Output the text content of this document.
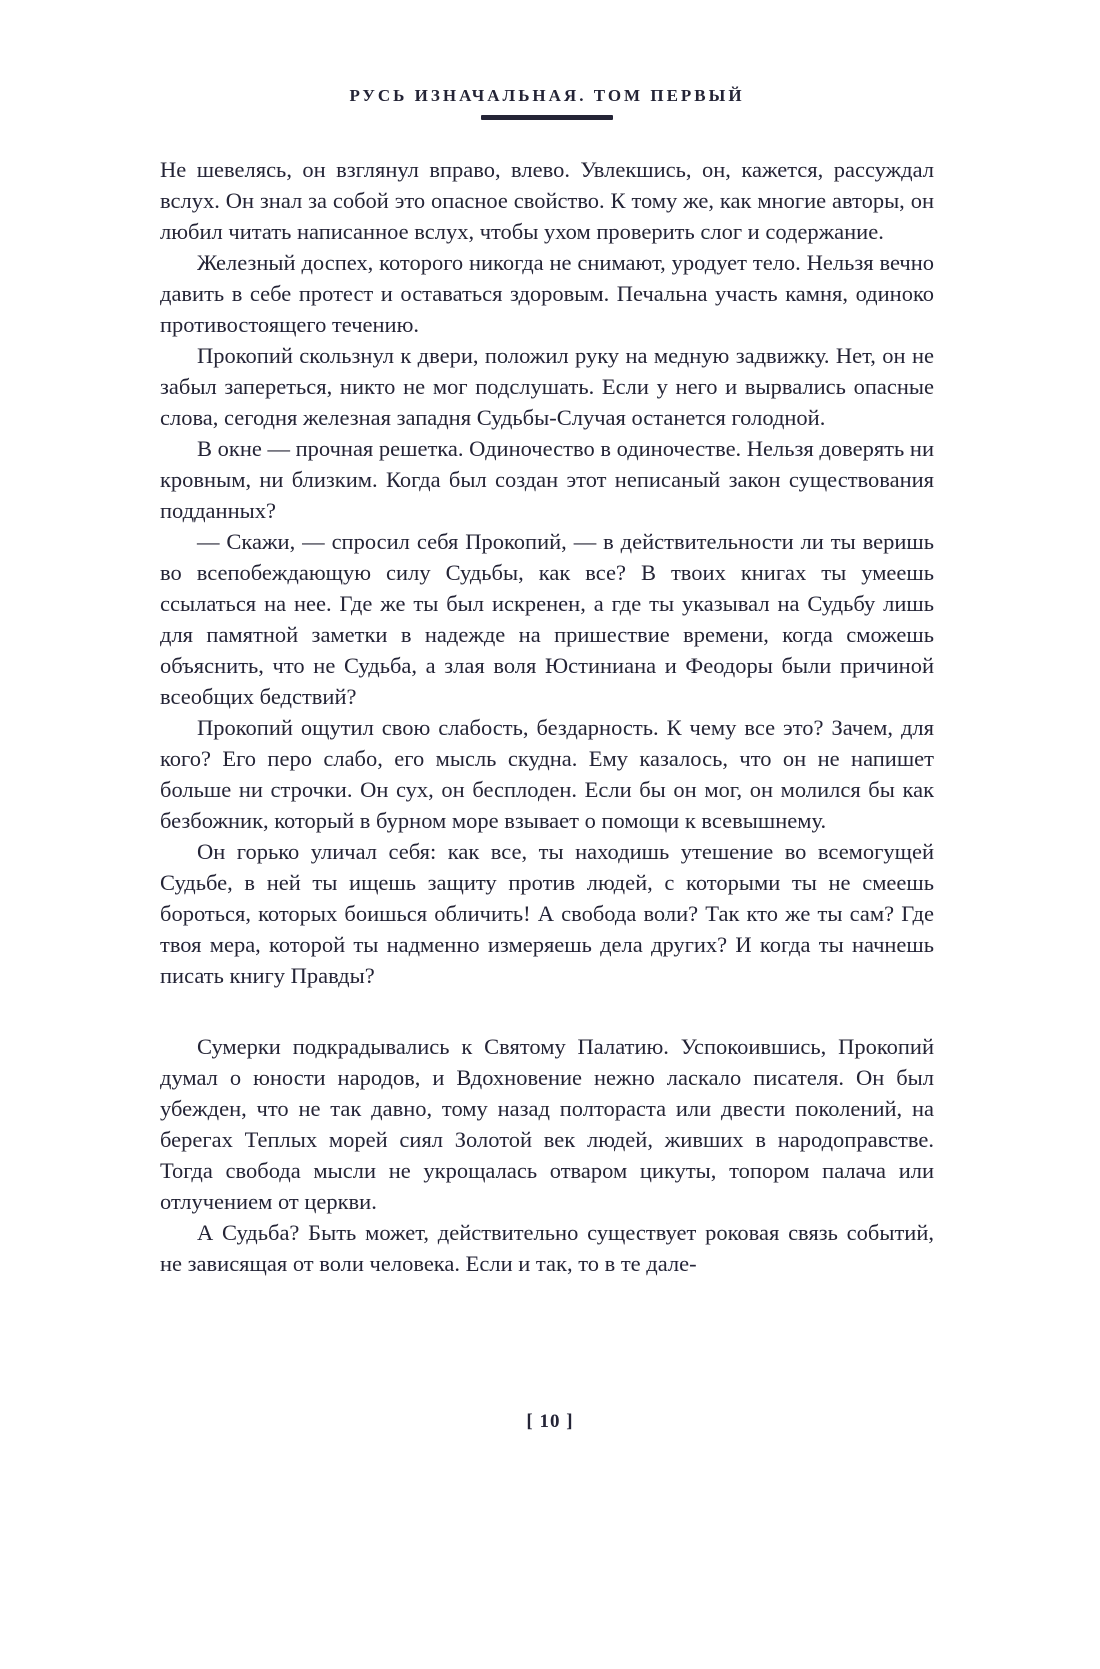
РУСЬ ИЗНАЧАЛЬНАЯ. ТОМ ПЕРВЫЙ

Не шевелясь, он взглянул вправо, влево. Увлекшись, он, кажется, рассуждал вслух. Он знал за собой это опасное свойство. К тому же, как многие авторы, он любил читать написанное вслух, чтобы ухом проверить слог и содержание.

Железный доспех, которого никогда не снимают, уродует тело. Нельзя вечно давить в себе протест и оставаться здоровым. Печальна участь камня, одиноко противостоящего течению.

Прокопий скользнул к двери, положил руку на медную задвижку. Нет, он не забыл запереться, никто не мог подслушать. Если у него и вырвались опасные слова, сегодня железная западня Судьбы-Случая останется голодной.

В окне — прочная решетка. Одиночество в одиночестве. Нельзя доверять ни кровным, ни близким. Когда был создан этот неписаный закон существования подданных?

— Скажи, — спросил себя Прокопий, — в действительности ли ты веришь во всепобеждающую силу Судьбы, как все? В твоих книгах ты умеешь ссылаться на нее. Где же ты был искренен, а где ты указывал на Судьбу лишь для памятной заметки в надежде на пришествие времени, когда сможешь объяснить, что не Судьба, а злая воля Юстиниана и Феодоры были причиной всеобщих бедствий?

Прокопий ощутил свою слабость, бездарность. К чему все это? Зачем, для кого? Его перо слабо, его мысль скудна. Ему казалось, что он не напишет больше ни строчки. Он сух, он бесплоден. Если бы он мог, он молился бы как безбожник, который в бурном море взывает о помощи к всевышнему.

Он горько уличал себя: как все, ты находишь утешение во всемогущей Судьбе, в ней ты ищешь защиту против людей, с которыми ты не смеешь бороться, которых боишься обличить! А свобода воли? Так кто же ты сам? Где твоя мера, которой ты надменно измеряешь дела других? И когда ты начнешь писать книгу Правды?

Сумерки подкрадывались к Святому Палатию. Успокоившись, Прокопий думал о юности народов, и Вдохновение нежно ласкало писателя. Он был убежден, что не так давно, тому назад полтораста или двести поколений, на берегах Теплых морей сиял Золотой век людей, живших в народоправстве. Тогда свобода мысли не укрощалась отваром цикуты, топором палача или отлучением от церкви.

А Судьба? Быть может, действительно существует роковая связь событий, не зависящая от воли человека. Если и так, то в те дале-

[ 10 ]
